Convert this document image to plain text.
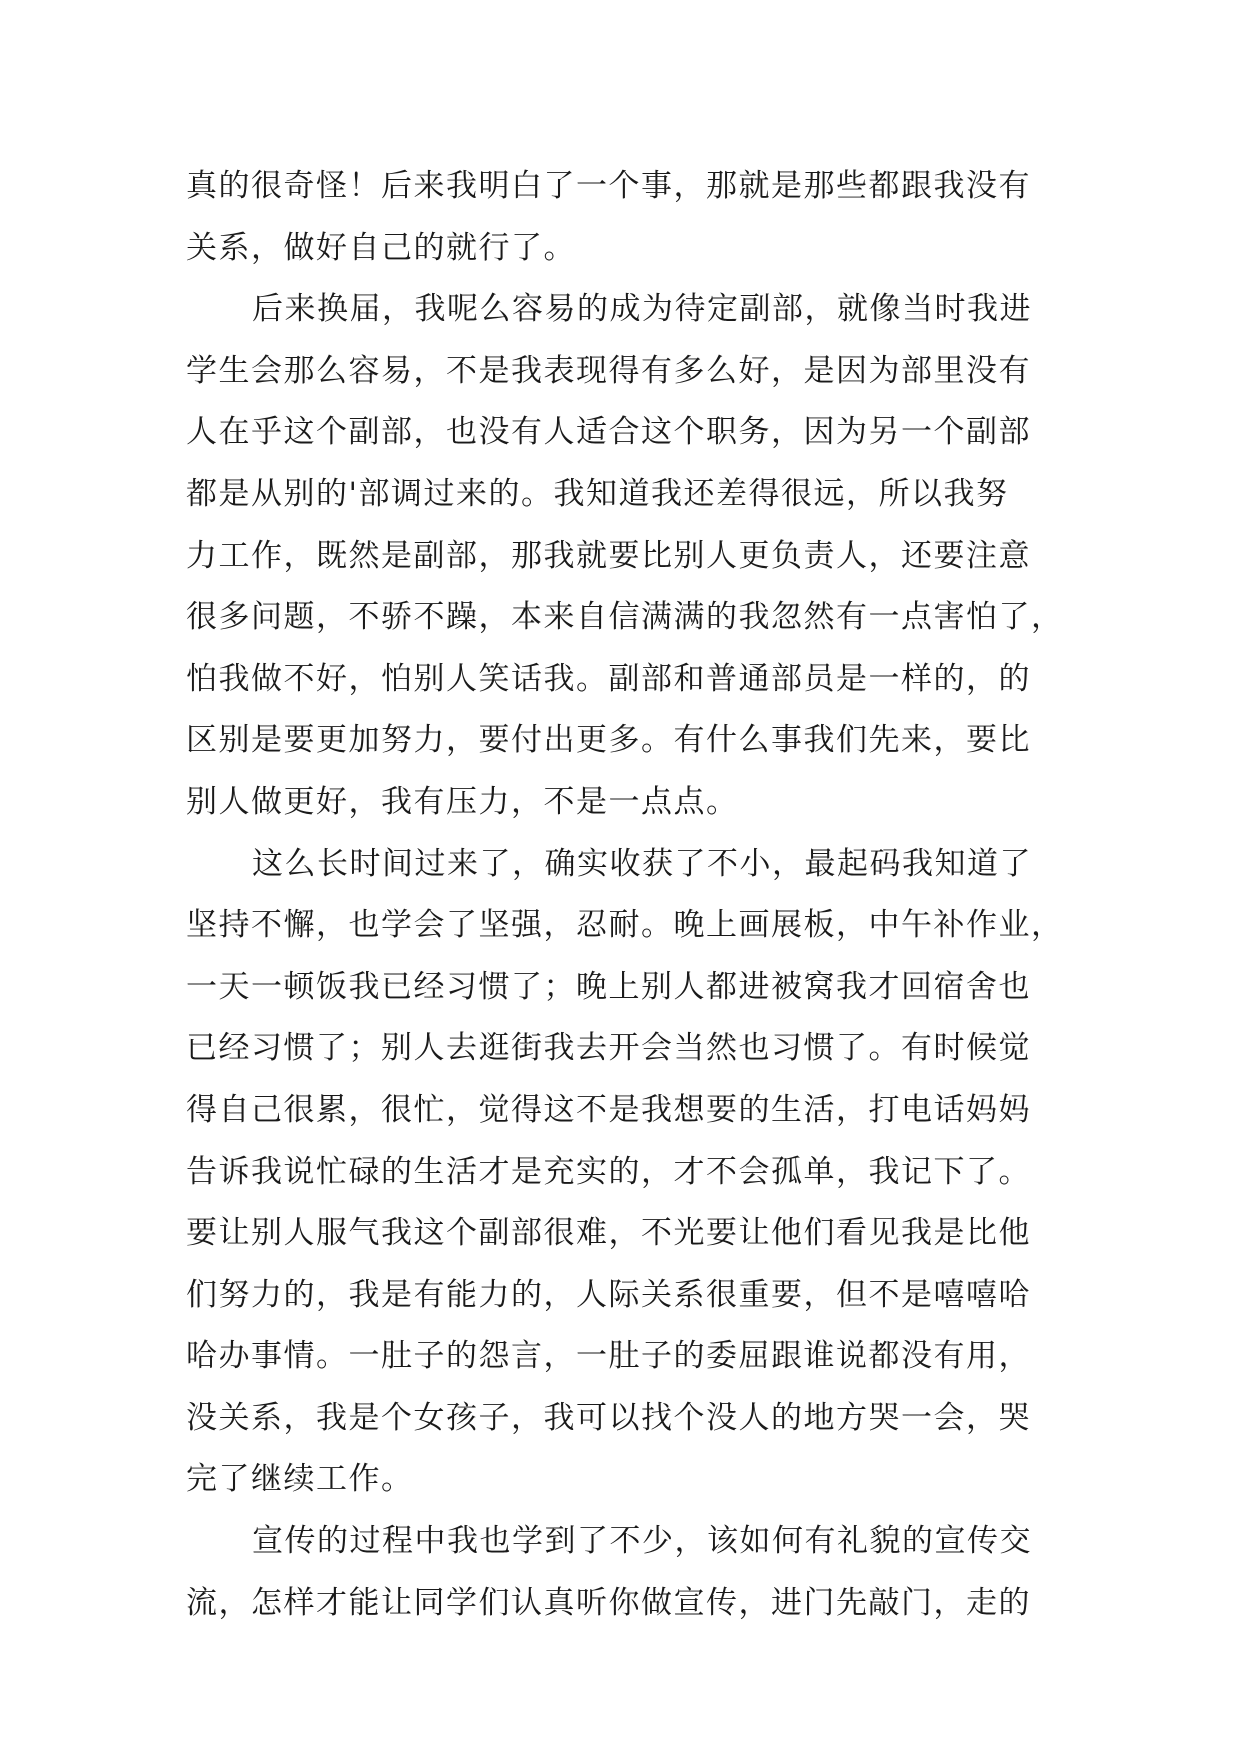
真的很奇怪！后来我明白了一个事，那就是那些都跟我没有
关系，做好自己的就行了。
后来换届，我呢么容易的成为待定副部，就像当时我进
学生会那么容易，不是我表现得有多么好，是因为部里没有
人在乎这个副部，也没有人适合这个职务，因为另一个副部
都是从别的'部调过来的。我知道我还差得很远，所以我努
力工作，既然是副部，那我就要比别人更负责人，还要注意
很多问题，不骄不躁，本来自信满满的我忽然有一点害怕了，
怕我做不好，怕别人笑话我。副部和普通部员是一样的，的
区别是要更加努力，要付出更多。有什么事我们先来，要比
别人做更好，我有压力，不是一点点。
这么长时间过来了，确实收获了不小，最起码我知道了
坚持不懈，也学会了坚强，忍耐。晚上画展板，中午补作业，
一天一顿饭我已经习惯了；晚上别人都进被窝我才回宿舍也
已经习惯了；别人去逛街我去开会当然也习惯了。有时候觉
得自己很累，很忙，觉得这不是我想要的生活，打电话妈妈
告诉我说忙碌的生活才是充实的，才不会孤单，我记下了。
要让别人服气我这个副部很难，不光要让他们看见我是比他
们努力的，我是有能力的，人际关系很重要，但不是嘻嘻哈
哈办事情。一肚子的怨言，一肚子的委屈跟谁说都没有用，
没关系，我是个女孩子，我可以找个没人的地方哭一会，哭
完了继续工作。
宣传的过程中我也学到了不少，该如何有礼貌的宣传交
流，怎样才能让同学们认真听你做宣传，进门先敲门，走的
